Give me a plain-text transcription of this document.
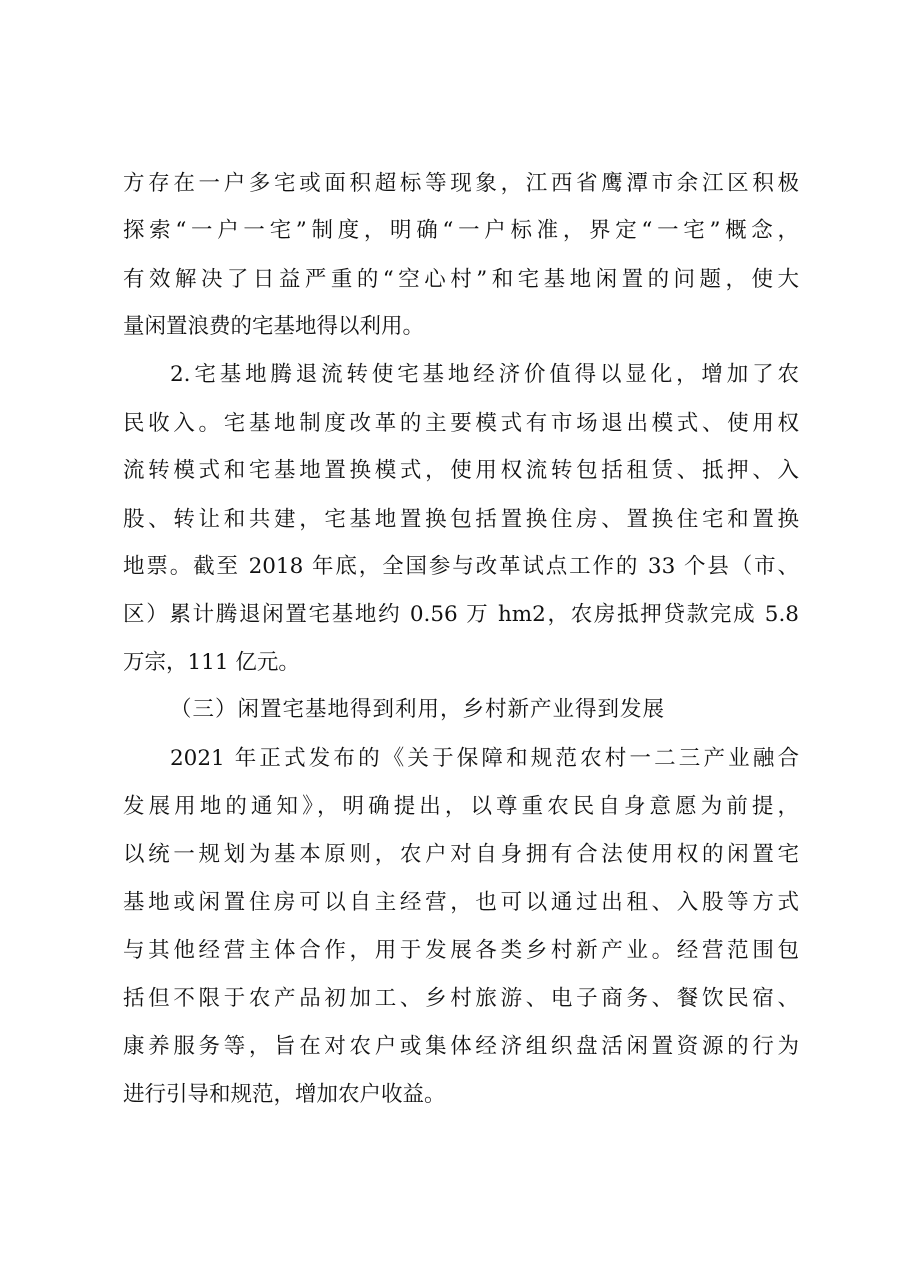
方存在一户多宅或面积超标等现象，江西省鹰潭市余江区积极
探索“一户一宅”制度，明确“一户标准，界定“一宅”概念，
有效解决了日益严重的“空心村”和宅基地闲置的问题，使大
量闲置浪费的宅基地得以利用。
2.宅基地腾退流转使宅基地经济价值得以显化，增加了农
民收入。宅基地制度改革的主要模式有市场退出模式、使用权
流转模式和宅基地置换模式，使用权流转包括租赁、抵押、入
股、转让和共建，宅基地置换包括置换住房、置换住宅和置换
地票。截至 2018 年底，全国参与改革试点工作的 33 个县（市、
区）累计腾退闲置宅基地约 0.56 万 hm2，农房抵押贷款完成 5.8
万宗，111 亿元。
（三）闲置宅基地得到利用，乡村新产业得到发展
2021 年正式发布的《关于保障和规范农村一二三产业融合
发展用地的通知》，明确提出，以尊重农民自身意愿为前提，
以统一规划为基本原则，农户对自身拥有合法使用权的闲置宅
基地或闲置住房可以自主经营，也可以通过出租、入股等方式
与其他经营主体合作，用于发展各类乡村新产业。经营范围包
括但不限于农产品初加工、乡村旅游、电子商务、餐饮民宿、
康养服务等，旨在对农户或集体经济组织盘活闲置资源的行为
进行引导和规范，增加农户收益。
